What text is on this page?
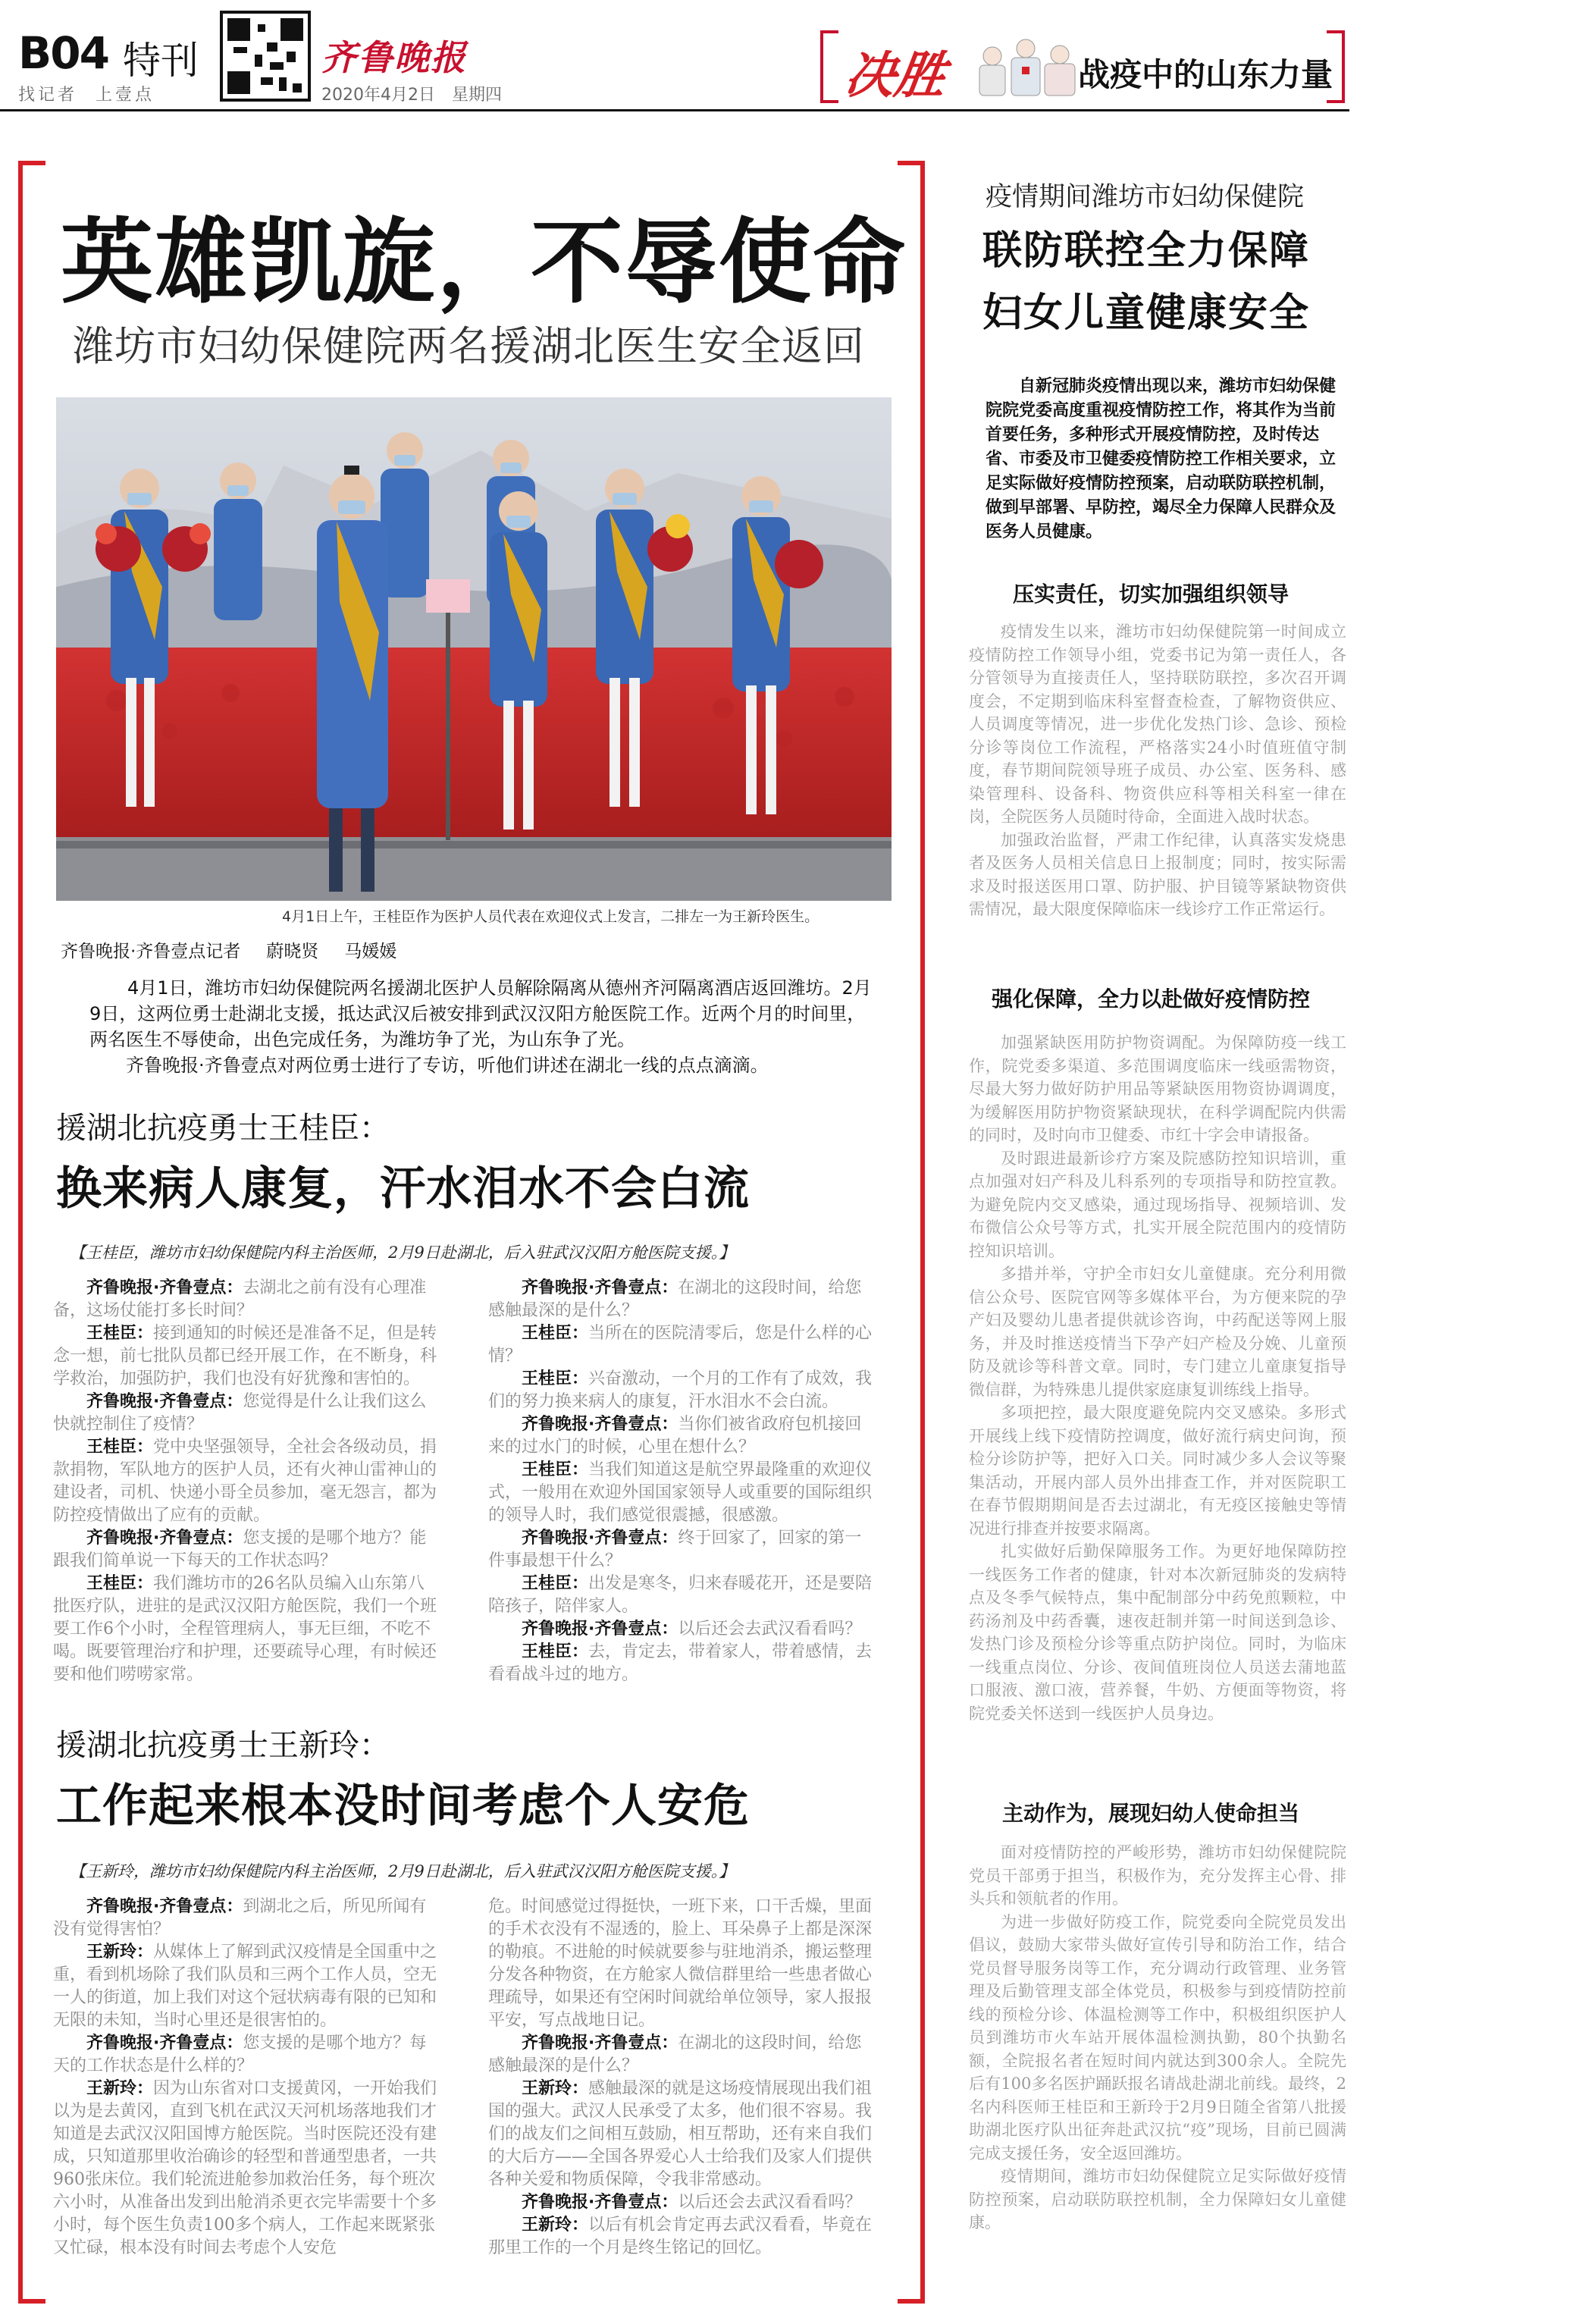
B04 特刊	齐鲁晚报
找记者 上壹点	2020年4月2日 星期四	决胜	战疫中的山东力量
英雄凯旋，不辱使命
潍坊市妇幼保健院两名援湖北医生安全返回
4月1日上午，王桂臣作为医护人员代表在欢迎仪式上发言，二排左一为王新玲医生。
齐鲁晚报·齐鲁壹点记者 蔚晓贤 马媛媛

4月1日，潍坊市妇幼保健院两名援湖北医护人员解除隔离从德州齐河隔离酒店返回潍坊。2月9日，这两位勇士赴湖北支援，抵达武汉后被安排到武汉汉阳方舱医院工作。近两个月的时间里，两名医生不辱使命，出色完成任务，为潍坊争了光，为山东争了光。

齐鲁晚报·齐鲁壹点对两位勇士进行了专访，听他们讲述在湖北一线的点点滴滴。

援湖北抗疫勇士王桂臣：
换来病人康复，汗水泪水不会白流
【王桂臣，潍坊市妇幼保健院内科主治医师，2月9日赴湖北，后入驻武汉汉阳方舱医院支援。】

齐鲁晚报·齐鲁壹点：去湖北之前有没有心理准备，这场仗能打多长时间？

王桂臣：接到通知的时候还是准备不足，但是转念一想，前七批队员都已经开展工作，在不断身，科学救治，加强防护，我们也没有好犹豫和害怕的。

齐鲁晚报·齐鲁壹点：您觉得是什么让我们这么快就控制住了疫情？

王桂臣：党中央坚强领导，全社会各级动员，捐款捐物，军队地方的医护人员，还有火神山雷神山的建设者，司机、快递小哥全员参加，毫无怨言，都为防控疫情做出了应有的贡献。

齐鲁晚报·齐鲁壹点：您支援的是哪个地方？能跟我们简单说一下每天的工作状态吗？

王桂臣：我们潍坊市的26名队员编入山东第八批医疗队，进驻的是武汉汉阳方舱医院，我们一个班要工作6个小时，全程管理病人，事无巨细，不吃不喝。既要管理治疗和护理，还要疏导心理，有时候还要和他们唠唠家常。

齐鲁晚报·齐鲁壹点：在湖北的这段时间，给您感触最深的是什么？

王桂臣：当所在的医院清零后，您是什么样的心情？

王桂臣：兴奋激动，一个月的工作有了成效，我们的努力换来病人的康复，汗水泪水不会白流。

齐鲁晚报·齐鲁壹点：当你们被省政府包机接回来的过水门的时候，心里在想什么？

王桂臣：当我们知道这是航空界最隆重的欢迎仪式，一般用在欢迎外国国家领导人或重要的国际组织的领导人时，我们感觉很震撼，很感激。

齐鲁晚报·齐鲁壹点：终于回家了，回家的第一件事最想干什么？

王桂臣：出发是寒冬，归来春暖花开，还是要陪陪孩子，陪伴家人。

齐鲁晚报·齐鲁壹点：以后还会去武汉看看吗？

王桂臣：去，肯定去，带着家人，带着感情，去看看战斗过的地方。

援湖北抗疫勇士王新玲：
工作起来根本没时间考虑个人安危
【王新玲，潍坊市妇幼保健院内科主治医师，2月9日赴湖北，后入驻武汉汉阳方舱医院支援。】

齐鲁晚报·齐鲁壹点：到湖北之后，所见所闻有没有觉得害怕？

王新玲：从媒体上了解到武汉疫情是全国重中之重，看到机场除了我们队员和三两个工作人员，空无一人的街道，加上我们对这个冠状病毒有限的已知和无限的未知，当时心里还是很害怕的。

齐鲁晚报·齐鲁壹点：您支援的是哪个地方？每天的工作状态是什么样的？

王新玲：因为山东省对口支援黄冈，一开始我们以为是去黄冈，直到飞机在武汉天河机场落地我们才知道是去武汉汉阳国博方舱医院。当时医院还没有建成，只知道那里收治确诊的轻型和普通型患者，一共960张床位。我们轮流进舱参加救治任务，每个班次六小时，从准备出发到出舱消杀更衣完毕需要十个多小时，每个医生负责100多个病人，工作起来既紧张又忙碌，根本没有时间去考虑个人安危

危。时间感觉过得挺快，一班下来，口干舌燥，里面的手术衣没有不湿透的，脸上、耳朵鼻子上都是深深的勒痕。不进舱的时候就要参与驻地消杀，搬运整理分发各种物资，在方舱家人微信群里给一些患者做心理疏导，如果还有空闲时间就给单位领导，家人报报平安，写点战地日记。

齐鲁晚报·齐鲁壹点：在湖北的这段时间，给您感触最深的是什么？

王新玲：感触最深的就是这场疫情展现出我们祖国的强大。武汉人民承受了太多，他们很不容易。我们的战友们之间相互鼓励，相互帮助，还有来自我们的大后方——全国各界爱心人士给我们及家人们提供各种关爱和物质保障，令我非常感动。

齐鲁晚报·齐鲁壹点：以后还会去武汉看看吗？

王新玲：以后有机会肯定再去武汉看看，毕竟在那里工作的一个月是终生铭记的回忆。

疫情期间潍坊市妇幼保健院
联防联控全力保障
妇女儿童健康安全

自新冠肺炎疫情出现以来，潍坊市妇幼保健院院党委高度重视疫情防控工作，将其作为当前首要任务，多种形式开展疫情防控，及时传达省、市委及市卫健委疫情防控工作相关要求，立足实际做好疫情防控预案，启动联防联控机制，做到早部署、早防控，竭尽全力保障人民群众及医务人员健康。

压实责任，切实加强组织领导

疫情发生以来，潍坊市妇幼保健院第一时间成立疫情防控工作领导小组，党委书记为第一责任人，各分管领导为直接责任人，坚持联防联控，多次召开调度会，不定期到临床科室督查检查，了解物资供应、人员调度等情况，进一步优化发热门诊、急诊、预检分诊等岗位工作流程，严格落实24小时值班值守制度，春节期间院领导班子成员、办公室、医务科、感染管理科、设备科、物资供应科等相关科室一律在岗，全院医务人员随时待命，全面进入战时状态。

加强政治监督，严肃工作纪律，认真落实发烧患者及医务人员相关信息日上报制度；同时，按实际需求及时报送医用口罩、防护服、护目镜等紧缺物资供需情况，最大限度保障临床一线诊疗工作正常运行。

强化保障，全力以赴做好疫情防控

加强紧缺医用防护物资调配。为保障防疫一线工作，院党委多渠道、多范围调度临床一线亟需物资，尽最大努力做好防护用品等紧缺医用物资协调调度，为缓解医用防护物资紧缺现状，在科学调配院内供需的同时，及时向市卫健委、市红十字会申请报备。

及时跟进最新诊疗方案及院感防控知识培训，重点加强对妇产科及儿科系列的专项指导和防控宣教。为避免院内交叉感染，通过现场指导、视频培训、发布微信公众号等方式，扎实开展全院范围内的疫情防控知识培训。

多措并举，守护全市妇女儿童健康。充分利用微信公众号、医院官网等多媒体平台，为方便来院的孕产妇及婴幼儿患者提供就诊咨询，中药配送等网上服务，并及时推送疫情当下孕产妇产检及分娩、儿童预防及就诊等科普文章。同时，专门建立儿童康复指导微信群，为特殊患儿提供家庭康复训练线上指导。

多项把控，最大限度避免院内交叉感染。多形式开展线上线下疫情防控调度，做好流行病史问询，预检分诊防护等，把好入口关。同时减少多人会议等聚集活动，开展内部人员外出排查工作，并对医院职工在春节假期期间是否去过湖北，有无疫区接触史等情况进行排查并按要求隔离。

扎实做好后勤保障服务工作。为更好地保障防控一线医务工作者的健康，针对本次新冠肺炎的发病特点及冬季气候特点，集中配制部分中药免煎颗粒，中药汤剂及中药香囊，速夜赶制并第一时间送到急诊、发热门诊及预检分诊等重点防护岗位。同时，为临床一线重点岗位、分诊、夜间值班岗位人员送去蒲地蓝口服液、激口液，营养餐，牛奶、方便面等物资，将院党委关怀送到一线医护人员身边。

主动作为，展现妇幼人使命担当

面对疫情防控的严峻形势，潍坊市妇幼保健院院党员干部勇于担当，积极作为，充分发挥主心骨、排头兵和领航者的作用。

为进一步做好防疫工作，院党委向全院党员发出倡议，鼓励大家带头做好宣传引导和防治工作，结合党员督导服务岗等工作，充分调动行政管理、业务管理及后勤管理支部全体党员，积极参与到疫情防控前线的预检分诊、体温检测等工作中，积极组织医护人员到潍坊市火车站开展体温检测执勤，80个执勤名额，全院报名者在短时间内就达到300余人。全院先后有100多名医护踊跃报名请战赴湖北前线。最终，2名内科医师王桂臣和王新玲于2月9日随全省第八批援助湖北医疗队出征奔赴武汉抗“疫”现场，目前已圆满完成支援任务，安全返回潍坊。

疫情期间，潍坊市妇幼保健院立足实际做好疫情防控预案，启动联防联控机制，全力保障妇女儿童健康。
